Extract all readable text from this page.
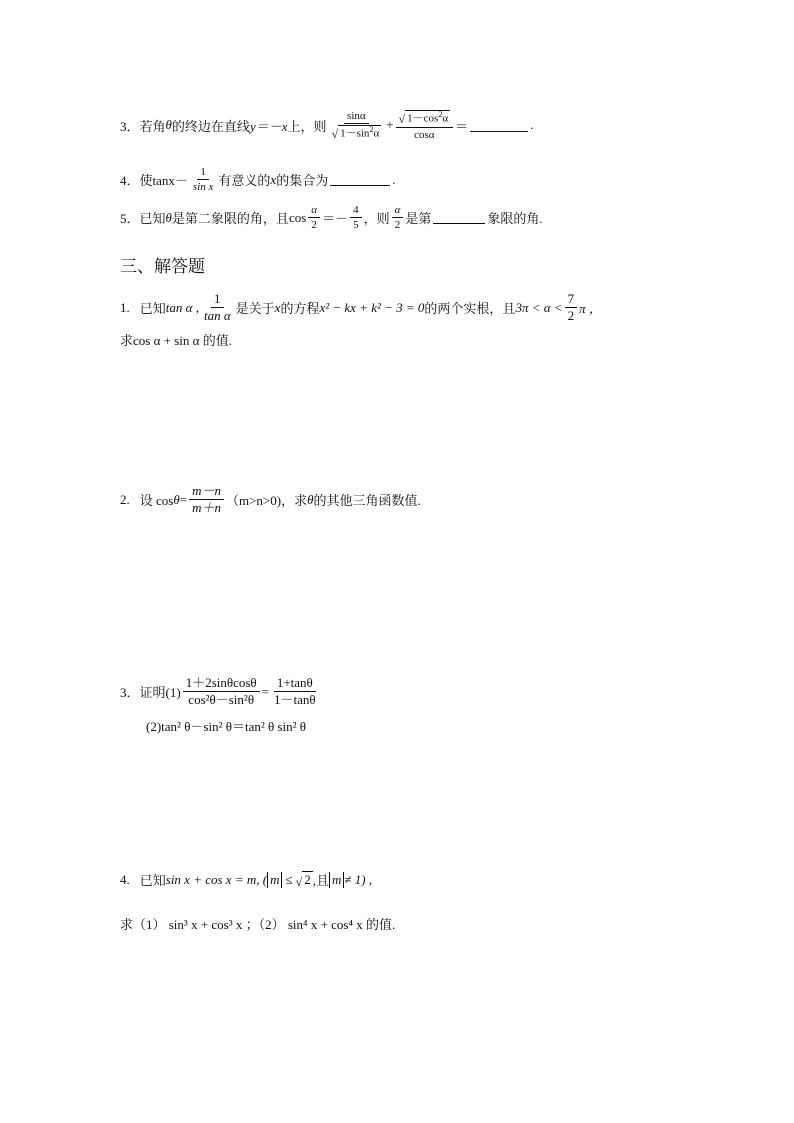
3． 若角 θ 的终边在直线 y＝－x 上，则 $\frac{\sin\alpha}{√ 1-\sin^2\alpha} + \frac{√ 1-\cos^2\alpha}{\cos\alpha}$ ＝	.
4． 使 $\tan x- \frac{1}{\text{sin x}}$ 有意义的 x 的集合为	.
5． 已知 θ 是第二象限的角，且 $\cos \frac{\alpha}{2} =- \frac{4}{5}$ ，则 $\frac{\alpha}{2}$ 是第	象限的角.
三、解答题
1. 已知 tan α , $\frac{1}{\text{tan α}}$ 是关于 x 的方程 x² − kx + k² − 3 = 0 的两个实根，且 $3\pi < \alpha < \frac{7}{2}$ π ，
求cos α + sin α 的值.
2. 设 $\cos \theta = \frac{m-n}{m+n} (m>n>0)$，求 θ 的其他三角函数值.
3． 证明$(1) \frac{1+2\sin\theta\cos\theta}{\text{cos²θ－sin²θ}} = \frac{1+\tan\theta}{1-\tan\theta}$
(2)tan² θ－sin² θ＝tan² θ sin² θ
4. 已知 sin x + cos x = m, ( m ≤ √ 2 ,且 m ≠ 1) ,
求（1） sin³ x + cos³ x ；（2） sin⁴ x + cos⁴ x 的值.
